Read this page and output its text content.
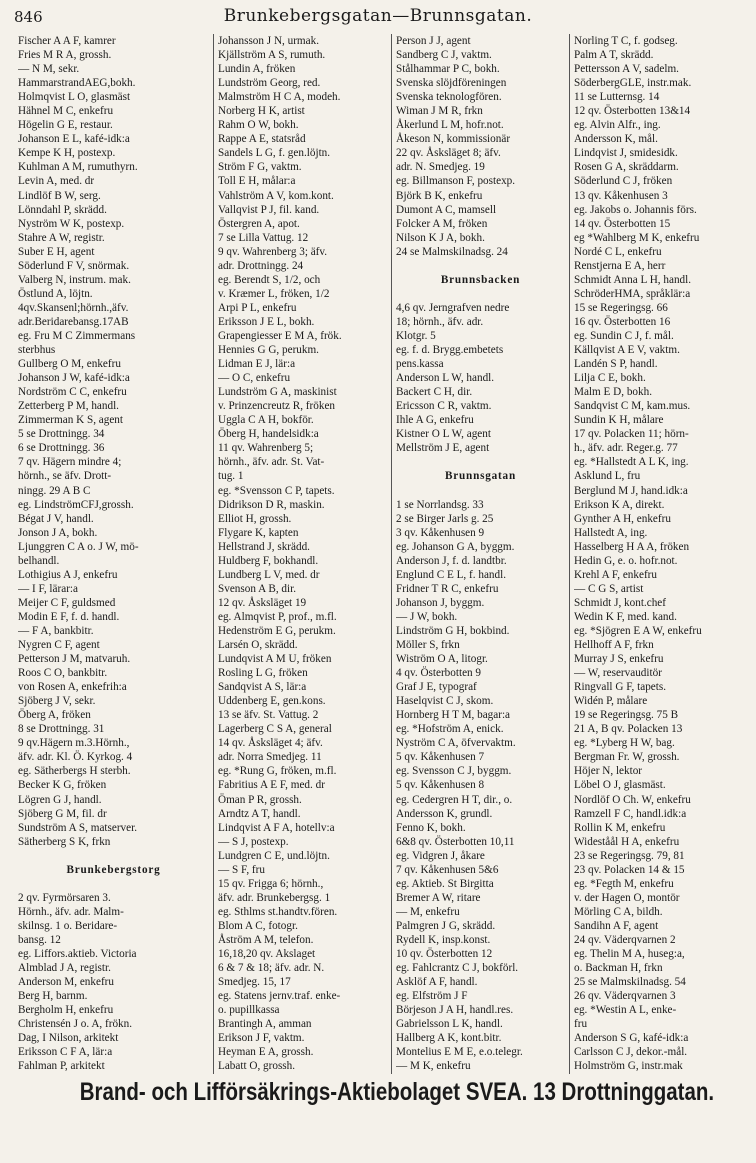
846	Brunkebergsgatan—Brunnsgatan.
Fischer A A F, kamrer
Fries M R A, grossh.
— N M, sekr.
HammarstrandAEG,bokh.
Holmqvist L O, glasmäst
Hähnel M C, enkefru
Högelin G E, restaur.
Johanson E L, kafé-idk:a
Kempe K H, postexp.
Kuhlman A M, rumuthyrn.
Levin A, med. dr
Lindlöf B W, serg.
Lönndahl P, skrädd.
Nyström W K, postexp.
Stahre A W, registr.
Suber E H, agent
Söderlund F V, snörmak.
Valberg N, instrum. mak.
Östlund A, löjtn.
4qv.Skansenl;hörnh.,äfv.
adr.Beridarebansg.17AB
eg. Fru M C Zimmermans
sterbhus
Gullberg O M, enkefru
Johanson J W, kafé-idk:a
Nordström C C, enkefru
Zetterberg P M, handl.
Zimmerman K S, agent
5 se Drottningg. 34
6 se Drottningg. 36
7 qv. Hägern mindre 4;
hörnh., se äfv. Drott-
ningg. 29 A B C
eg. LindströmCFJ,grossh.
Bégat J V, handl.
Jonson J A, bokh.
Ljunggren C A o. J W, mö-
belhandl.
Lothigius A J, enkefru
— I F, lärar:a
Meijer C F, guldsmed
Modin E F, f. d. handl.
— F A, bankbitr.
Nygren C F, agent
Petterson J M, matvaruh.
Roos C O, bankbitr.
von Rosen A, enkefrih:a
Sjöberg J V, sekr.
Öberg A, fröken
8 se Drottningg. 31
9 qv.Hägern m.3.Hörnh.,
äfv. adr. Kl. Ö. Kyrkog. 4
eg. Sätherbergs H sterbh.
Becker K G, fröken
Lögren G J, handl.
Sjöberg G M, fil. dr
Sundström A S, matserver.
Sätherberg S K, frkn

Brunkebergstorg

2 qv. Fyrmörsaren 3.
Hörnh., äfv. adr. Malm-
skilnsg. 1 o. Beridare-
bansg. 12
eg. Liffors.aktieb. Victoria
Almblad J A, registr.
Anderson M, enkefru
Berg H, barnm.
Bergholm H, enkefru
Christensén J o. A, frökn.
Dag, I Nilson, arkitekt
Eriksson C F A, lär:a
Fahlman P, arkitekt
Johansson J N, urmak.
Kjällström A S, rumuth.
Lundin A, fröken
Lundström Georg, red.
Malmström H C A, modeh.
Norberg H K, artist
Rahm O W, bokh.
Rappe A E, statsråd
Sandels L G, f. gen.löjtn.
Ström F G, vaktm.
Toll E H, målar:a
Vahlström A V, kom.kont.
Vallqvist P J, fil. kand.
Östergren A, apot.
7 se Lilla Vattug. 12
9 qv. Wahrenberg 3; äfv.
adr. Drottningg. 24
eg. Berendt S, 1/2, och
v. Kræmer L, fröken, 1/2
Arpi P L, enkefru
Eriksson J E L, bokh.
Grapengiesser E M A, frök.
Hennies G G, perukm.
Lidman E J, lär:a
— O C, enkefru
Lundström G A, maskinist
v. Prinzencreutz R, fröken
Uggla C A H, bokför.
Öberg H, handelsidk:a
11 qv. Wahrenberg 5;
hörnh., äfv. adr. St. Vat-
tug. 1
eg. *Svensson C P, tapets.
Didrikson D R, maskin.
Elliot H, grossh.
Flygare K, kapten
Hellstrand J, skrädd.
Huldberg F, bokhandl.
Lundberg L V, med. dr
Svenson A B, dir.
12 qv. Åsksläget 19
eg. Almqvist P, prof., m.fl.
Hedenström E G, perukm.
Larsén O, skrädd.
Lundqvist A M U, fröken
Rosling L G, fröken
Sandqvist A S, lär:a
Uddenberg E, gen.kons.
13 se äfv. St. Vattug. 2
Lagerberg C S A, general
14 qv. Åsksläget 4; äfv.
adr. Norra Smedjeg. 11
eg. *Rung G, fröken, m.fl.
Fabritius A E F, med. dr
Öman P R, grossh.
Arndtz A T, handl.
Lindqvist A F A, hotellv:a
— S J, postexp.
Lundgren C E, und.löjtn.
— S F, fru
15 qv. Frigga 6; hörnh.,
äfv. adr. Brunkebergsg. 1
eg. Sthlms st.handtv.fören.
Blom A C, fotogr.
Åström A M, telefon.
16,18,20 qv. Akslaget
6 & 7 & 18; äfv. adr. N.
Smedjeg. 15, 17
eg. Statens jernv.traf. enke-
o. pupillkassa
Brantingh A, amman
Erikson J F, vaktm.
Heyman E A, grossh.
Labatt O, grossh.
Person J J, agent
Sandberg C J, vaktm.
Stålhammar P C, bokh.
Svenska slöjdföreningen
Svenska teknologfören.
Wiman J M R, frkn
Åkerlund L M, hofr.not.
Åkeson N, kommissionär
22 qv. Åsksläget 8; äfv.
adr. N. Smedjeg. 19
eg. Billmanson F, postexp.
Björk B K, enkefru
Dumont A C, mamsell
Folcker A M, fröken
Nilson K J A, bokh.
24 se Malmskilnadsg. 24

Brunnsbacken

4,6 qv. Jerngrafven nedre
18; hörnh., äfv. adr.
Klotgr. 5
eg. f. d. Brygg.embetets
pens.kassa
Anderson L W, handl.
Backert C H, dir.
Ericsson C R, vaktm.
Ihle A G, enkefru
Kistner O L W, agent
Mellström J E, agent

Brunnsgatan

1 se Norrlandsg. 33
2 se Birger Jarls g. 25
3 qv. Kåkenhusen 9
eg. Johanson G A, byggm.
Anderson J, f. d. landtbr.
Englund C E L, f. handl.
Fridner T R C, enkefru
Johanson J, byggm.
— J W, bokh.
Lindström G H, bokbind.
Möller S, frkn
Wiström O A, litogr.
4 qv. Österbotten 9
Graf J E, typograf
Haselqvist C J, skom.
Hornberg H T M, bagar:a
eg. *Hofström A, enick.
Nyström C A, öfvervaktm.
5 qv. Kåkenhusen 7
eg. Svensson C J, byggm.
5 qv. Kåkenhusen 8
eg. Cedergren H T, dir., o.
Andersson K, grundl.
Fenno K, bokh.
6&8 qv. Österbotten 10,11
eg. Vidgren J, åkare
7 qv. Kåkenhusen 5&6
eg. Aktieb. St Birgitta
Bremer A W, ritare
— M, enkefru
Palmgren J G, skrädd.
Rydell K, insp.konst.
10 qv. Österbotten 12
eg. Fahlcrantz C J, bokförl.
Asklöf A F, handl.
eg. Elfström J F
Börjeson J A H, handl.res.
Gabrielsson L K, handl.
Hallberg A K, kont.bitr.
Montelius E M E, e.o.telegr.
— M K, enkefru
Norling T C, f. godseg.
Palm A T, skrädd.
Pettersson A V, sadelm.
SöderbergGLE, instr.mak.
11 se Lutternsg. 14
12 qv. Österbotten 13&14
eg. Alvin Alfr., ing.
Andersson K, mål.
Lindqvist J, smidesidk.
Rosen G A, skräddarm.
Söderlund C J, fröken
13 qv. Kåkenhusen 3
eg. Jakobs o. Johannis förs.
14 qv. Österbotten 15
eg *Wahlberg M K, enkefru
Nordé C L, enkefru
Renstjerna E A, herr
Schmidt Anna L H, handl.
SchröderHMA, språklär:a
15 se Regeringsg. 66
16 qv. Österbotten 16
eg. Sundin C J, f. mål.
Källqvist A E V, vaktm.
Landén S P, handl.
Lilja C E, bokh.
Malm E D, bokh.
Sandqvist C M, kam.mus.
Sundin K H, målare
17 qv. Polacken 11; hörn-
h., äfv. adr. Reger.g. 77
eg. *Hallstedt A L K, ing.
Asklund L, fru
Berglund M J, hand.idk:a
Erikson K A, direkt.
Gynther A H, enkefru
Hallstedt A, ing.
Hasselberg H A A, fröken
Hedin G, e. o. hofr.not.
Krehl A F, enkefru
— C G S, artist
Schmidt J, kont.chef
Wedin K F, med. kand.
eg. *Sjögren E A W, enkefru
Hellhoff A F, frkn
Murray J S, enkefru
— W, reservauditör
Ringvall G F, tapets.
Widén P, målare
19 se Regeringsg. 75 B
21 A, B qv. Polacken 13
eg. *Lyberg H W, bag.
Bergman Fr. W, grossh.
Höjer N, lektor
Löbel O J, glasmäst.
Nordlöf O Ch. W, enkefru
Ramzell F C, handl.idk:a
Rollin K M, enkefru
Wideståål H A, enkefru
23 se Regeringsg. 79, 81
23 qv. Polacken 14 & 15
eg. *Fegth M, enkefru
v. der Hagen O, montör
Mörling C A, bildh.
Sandihn A F, agent
24 qv. Väderqvarnen 2
eg. Thelin M A, huseg:a,
o. Backman H, frkn
25 se Malmskilnadsg. 54
26 qv. Väderqvarnen 3
eg. *Westin A L, enke-
fru
Anderson S G, kafé-idk:a
Carlsson C J, dekor.-mål.
Holmström G, instr.mak
Brand- och Lifförsäkrings-Aktiebolaget SVEA. 13 Drottninggatan.
